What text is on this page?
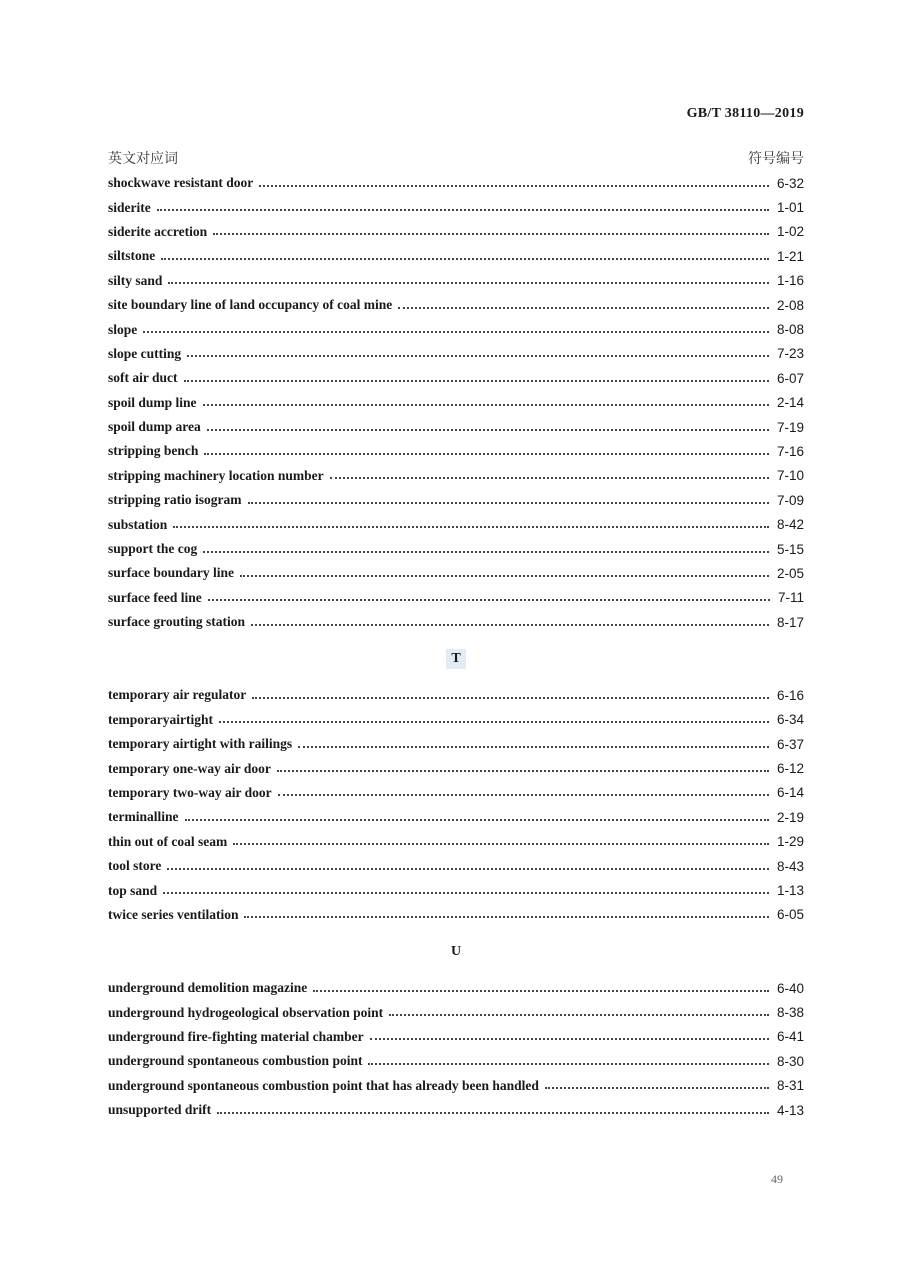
GB/T 38110—2019
英文对应词	符号编号
shockwave resistant door	6-32
siderite	1-01
siderite accretion	1-02
siltstone	1-21
silty sand	1-16
site boundary line of land occupancy of coal mine	2-08
slope	8-08
slope cutting	7-23
soft air duct	6-07
spoil dump line	2-14
spoil dump area	7-19
stripping bench	7-16
stripping machinery location number	7-10
stripping ratio isogram	7-09
substation	8-42
support the cog	5-15
surface boundary line	2-05
surface feed line	7-11
surface grouting station	8-17
T
temporary air regulator	6-16
temporaryairtight	6-34
temporary airtight with railings	6-37
temporary one-way air door	6-12
temporary two-way air door	6-14
terminalline	2-19
thin out of coal seam	1-29
tool store	8-43
top sand	1-13
twice series ventilation	6-05
U
underground demolition magazine	6-40
underground hydrogeological observation point	8-38
underground fire-fighting material chamber	6-41
underground spontaneous combustion point	8-30
underground spontaneous combustion point that has already been handled	8-31
unsupported drift	4-13
49
